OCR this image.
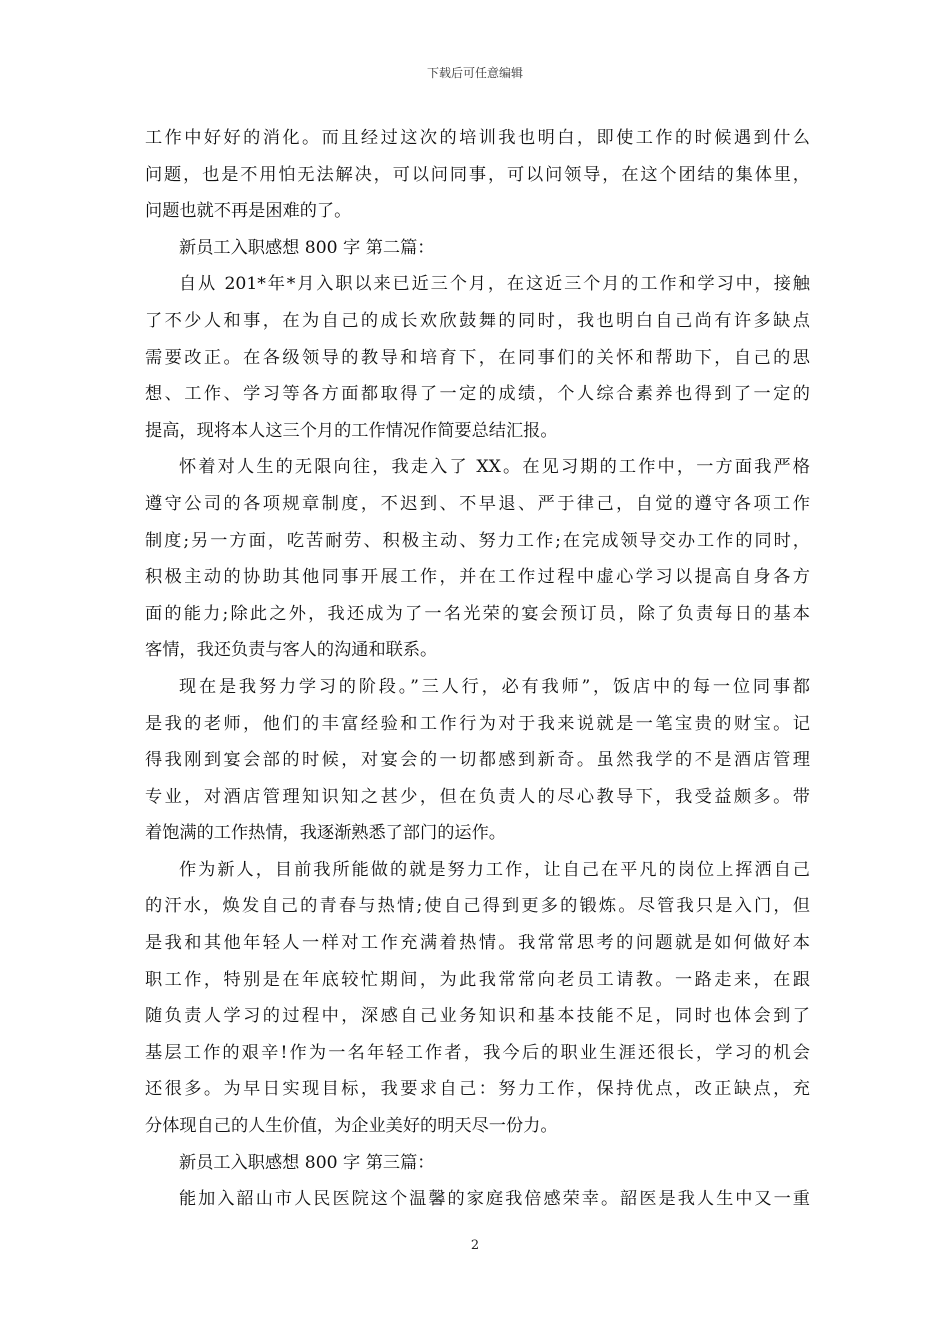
下载后可任意编辑
工作中好好的消化。而且经过这次的培训我也明白，即使工作的时候遇到什么
问题，也是不用怕无法解决，可以问同事，可以问领导，在这个团结的集体里，
问题也就不再是困难的了。
新员工入职感想 800 字 第二篇：
自从 201*年*月入职以来已近三个月，在这近三个月的工作和学习中，接触
了不少人和事，在为自己的成长欢欣鼓舞的同时，我也明白自己尚有许多缺点
需要改正。在各级领导的教导和培育下，在同事们的关怀和帮助下，自己的思
想、工作、学习等各方面都取得了一定的成绩，个人综合素养也得到了一定的
提高，现将本人这三个月的工作情况作简要总结汇报。
怀着对人生的无限向往，我走入了 XX。在见习期的工作中，一方面我严格
遵守公司的各项规章制度，不迟到、不早退、严于律己，自觉的遵守各项工作
制度;另一方面，吃苦耐劳、积极主动、努力工作;在完成领导交办工作的同时，
积极主动的协助其他同事开展工作，并在工作过程中虚心学习以提高自身各方
面的能力;除此之外，我还成为了一名光荣的宴会预订员，除了负责每日的基本
客情，我还负责与客人的沟通和联系。
现在是我努力学习的阶段。”三人行，必有我师”，饭店中的每一位同事都
是我的老师，他们的丰富经验和工作行为对于我来说就是一笔宝贵的财宝。记
得我刚到宴会部的时候，对宴会的一切都感到新奇。虽然我学的不是酒店管理
专业，对酒店管理知识知之甚少，但在负责人的尽心教导下，我受益颇多。带
着饱满的工作热情，我逐渐熟悉了部门的运作。
作为新人，目前我所能做的就是努力工作，让自己在平凡的岗位上挥洒自己
的汗水，焕发自己的青春与热情;使自己得到更多的锻炼。尽管我只是入门，但
是我和其他年轻人一样对工作充满着热情。我常常思考的问题就是如何做好本
职工作，特别是在年底较忙期间，为此我常常向老员工请教。一路走来，在跟
随负责人学习的过程中，深感自己业务知识和基本技能不足，同时也体会到了
基层工作的艰辛!作为一名年轻工作者，我今后的职业生涯还很长，学习的机会
还很多。为早日实现目标，我要求自己：努力工作，保持优点，改正缺点，充
分体现自己的人生价值，为企业美好的明天尽一份力。
新员工入职感想 800 字 第三篇：
能加入韶山市人民医院这个温馨的家庭我倍感荣幸。韶医是我人生中又一重
2
